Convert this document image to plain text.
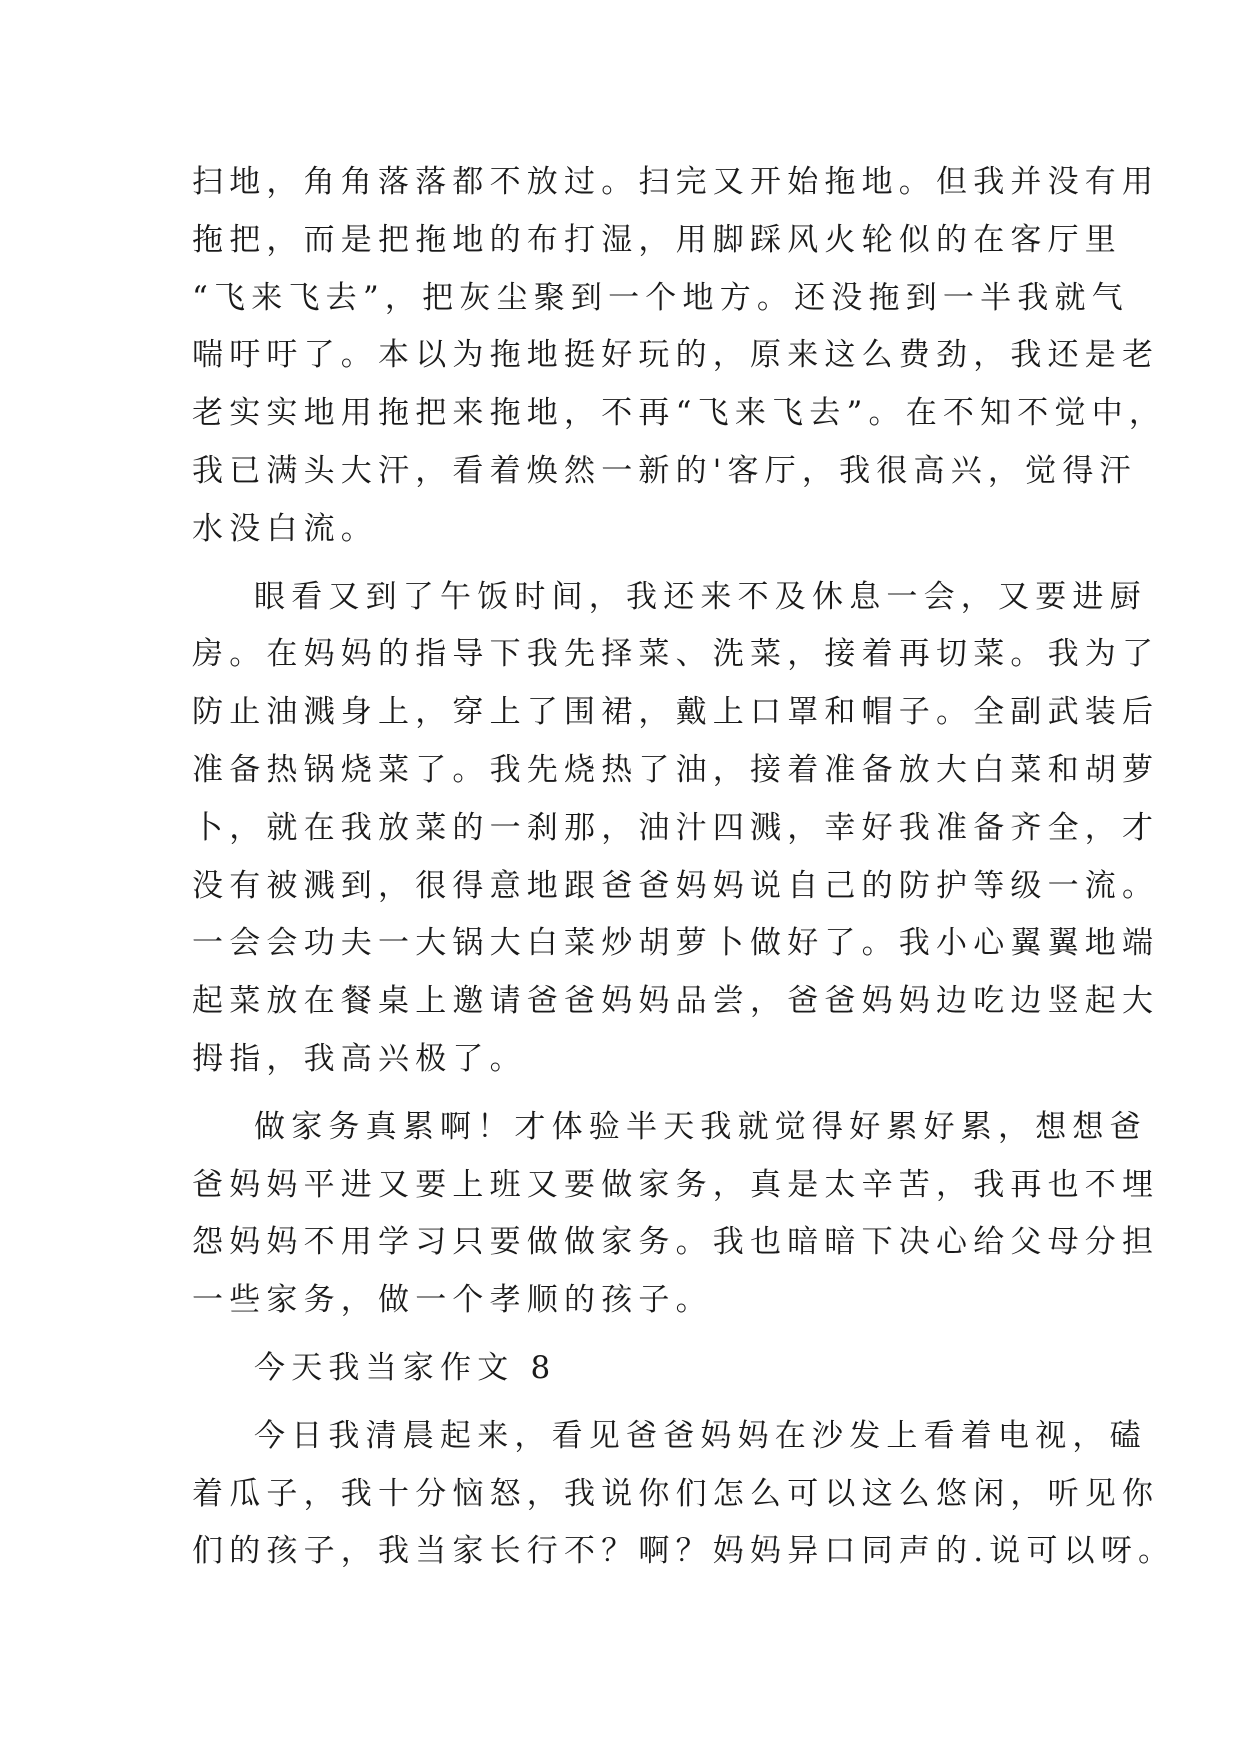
扫地，角角落落都不放过。扫完又开始拖地。但我并没有用
拖把，而是把拖地的布打湿，用脚踩风火轮似的在客厅里
“飞来飞去”，把灰尘聚到一个地方。还没拖到一半我就气
喘吁吁了。本以为拖地挺好玩的，原来这么费劲，我还是老
老实实地用拖把来拖地，不再“飞来飞去”。在不知不觉中，
我已满头大汗，看着焕然一新的'客厅，我很高兴，觉得汗
水没白流。
眼看又到了午饭时间，我还来不及休息一会，又要进厨
房。在妈妈的指导下我先择菜、洗菜，接着再切菜。我为了
防止油溅身上，穿上了围裙，戴上口罩和帽子。全副武装后
准备热锅烧菜了。我先烧热了油，接着准备放大白菜和胡萝
卜，就在我放菜的一刹那，油汁四溅，幸好我准备齐全，才
没有被溅到，很得意地跟爸爸妈妈说自己的防护等级一流。
一会会功夫一大锅大白菜炒胡萝卜做好了。我小心翼翼地端
起菜放在餐桌上邀请爸爸妈妈品尝，爸爸妈妈边吃边竖起大
拇指，我高兴极了。
做家务真累啊！才体验半天我就觉得好累好累，想想爸
爸妈妈平进又要上班又要做家务，真是太辛苦，我再也不埋
怨妈妈不用学习只要做做家务。我也暗暗下决心给父母分担
一些家务，做一个孝顺的孩子。
今天我当家作文 8
今日我清晨起来，看见爸爸妈妈在沙发上看着电视，磕
着瓜子，我十分恼怒，我说你们怎么可以这么悠闲，听见你
们的孩子，我当家长行不？啊？妈妈异口同声的.说可以呀。
